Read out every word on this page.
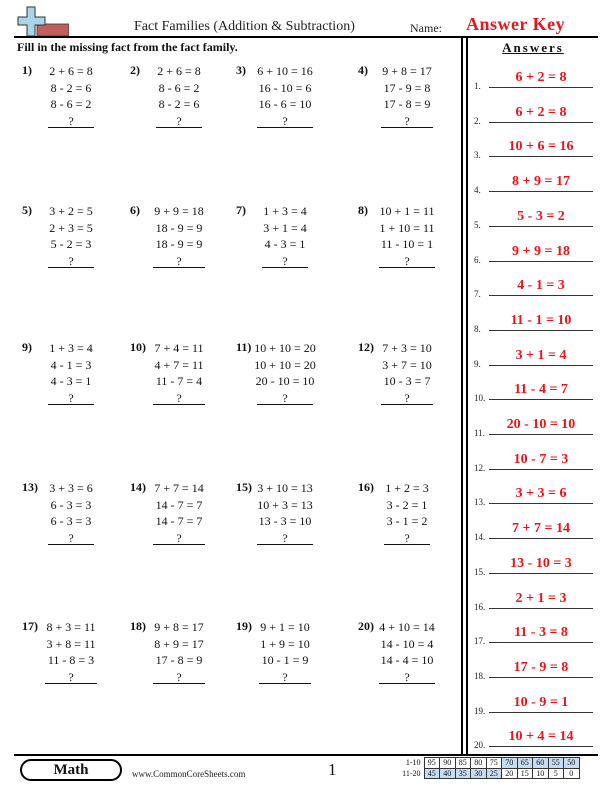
Fact Families (Addition & Subtraction)	Name: Answer Key
Fill in the missing fact from the fact family.	Answers
1)	2 + 6 = 8
8 - 2 = 6
8 - 6 = 2
?
2)	2 + 6 = 8
8 - 6 = 2
8 - 2 = 6
?
3) 6 + 10 = 16
16 - 10 = 6
16 - 6 = 10
?
4)	9 + 8 = 17
17 - 9 = 8
17 - 8 = 9
?
5)	3 + 2 = 5
2 + 3 = 5
5 - 2 = 3
?
6)	9 + 9 = 18
18 - 9 = 9
18 - 9 = 9
?
7)	1 + 3 = 4
3 + 1 = 4
4 - 3 = 1
?
8) 10 + 1 = 11
1 + 10 = 11
11 - 10 = 1
?
9)	1 + 3 = 4
4 - 1 = 3
4 - 3 = 1
?
10) 7 + 4 = 11
4 + 7 = 11
11 - 7 = 4
?
11) 10 + 10 = 20
10 + 10 = 20
20 - 10 = 10
?
12) 7 + 3 = 10
3 + 7 = 10
10 - 3 = 7
?
13) 3 + 3 = 6
6 - 3 = 3
6 - 3 = 3
?
14) 7 + 7 = 14
14 - 7 = 7
14 - 7 = 7
?
15) 3 + 10 = 13
10 + 3 = 13
13 - 3 = 10
?
16) 1 + 2 = 3
3 - 2 = 1
3 - 1 = 2
?
17) 8 + 3 = 11
3 + 8 = 11
11 - 8 = 3
?
18) 9 + 8 = 17
8 + 9 = 17
17 - 8 = 9
?
19) 9 + 1 = 10
1 + 9 = 10
10 - 1 = 9
?
20) 4 + 10 = 14
14 - 10 = 4
14 - 4 = 10
?
1.
6 + 2 = 8
2.
6 + 2 = 8
3.
10 + 6 = 16
4.
8 + 9 = 17
5.
5 - 3 = 2
6.
9 + 9 = 18
7.
4 - 1 = 3
8.
11 - 1 = 10
9.
3 + 1 = 4
10.
11 - 4 = 7
11.
20 - 10 = 10
12.
10 - 7 = 3
13.
3 + 3 = 6
14.
7 + 7 = 14
15.
13 - 10 = 3
16.
2 + 1 = 3
17.
11 - 3 = 8
18.
17 - 9 = 8
19.
10 - 9 = 1
20.
10 + 4 = 14
Math	www.CommonCoreSheets.com	1	1-10	95	90	85	80	75	70	65	60	55	50
11-20	45	40	35	30	25	20	15	10	5	0
